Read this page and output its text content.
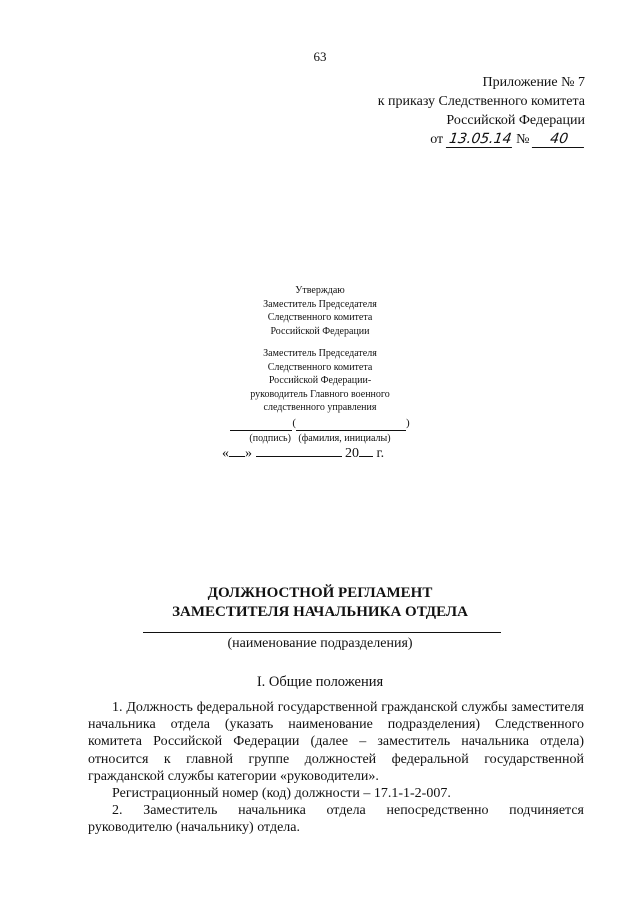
63
Приложение № 7
к приказу Следственного комитета
Российской Федерации
от 13.05.14 № 40
Утверждаю
Заместитель Председателя
Следственного комитета
Российской Федерации
Заместитель Председателя
Следственного комитета
Российской Федерации-
руководитель Главного военного
следственного управления
(	)
(подпись)   (фамилия, инициалы)
« »	20 г.
ДОЛЖНОСТНОЙ РЕГЛАМЕНТ
ЗАМЕСТИТЕЛЯ НАЧАЛЬНИКА ОТДЕЛА
(наименование подразделения)
I. Общие положения

1. Должность федеральной государственной гражданской службы заместителя начальника отдела (указать наименование подразделения) Следственного комитета Российской Федерации (далее – заместитель начальника отдела) относится к главной группе должностей федеральной государственной гражданской службы категории «руководители».

Регистрационный номер (код) должности – 17.1-1-2-007.

2. Заместитель начальника отдела непосредственно подчиняется руководителю (начальнику) отдела.
